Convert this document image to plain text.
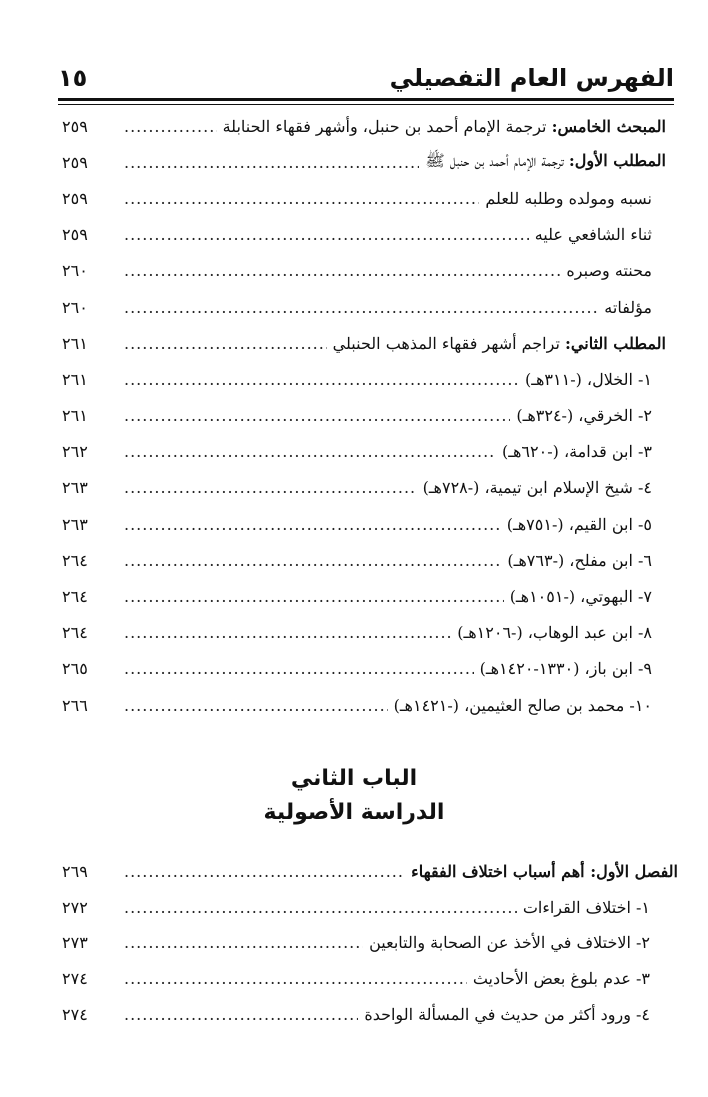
الفهرس العام التفصيلي
١٥
المبحث الخامس: ترجمة الإمام أحمد بن حنبل، وأشهر فقهاء الحنابلة
.....
٢٥٩
المطلب الأول: ترجمة الإمام أحمد بن حنبل ﷺ
.....
٢٥٩
نسبه ومولده وطلبه للعلم
.....
٢٥٩
ثناء الشافعي عليه
.....
٢٥٩
محنته وصبره
.....
٢٦٠
مؤلفاته
.....
٢٦٠
المطلب الثاني: تراجم أشهر فقهاء المذهب الحنبلي
.....
٢٦١
١- الخلال، (-٣١١هـ)
.....
٢٦١
٢- الخرقي، (-٣٢٤هـ)
.....
٢٦١
٣- ابن قدامة، (-٦٢٠هـ)
.....
٢٦٢
٤- شيخ الإسلام ابن تيمية، (-٧٢٨هـ)
.....
٢٦٣
٥- ابن القيم، (-٧٥١هـ)
.....
٢٦٣
٦- ابن مفلح، (-٧٦٣هـ)
.....
٢٦٤
٧- البهوتي، (-١٠٥١هـ)
.....
٢٦٤
٨- ابن عبد الوهاب، (-١٢٠٦هـ)
.....
٢٦٤
٩- ابن باز، (١٣٣٠-١٤٢٠هـ)
.....
٢٦٥
١٠- محمد بن صالح العثيمين، (-١٤٢١هـ)
.....
٢٦٦
الباب الثاني
الدراسة الأصولية
الفصل الأول: أهم أسباب اختلاف الفقهاء
.....
٢٦٩
١- اختلاف القراءات
.....
٢٧٢
٢- الاختلاف في الأخذ عن الصحابة والتابعين
.....
٢٧٣
٣- عدم بلوغ بعض الأحاديث
.....
٢٧٤
٤- ورود أكثر من حديث في المسألة الواحدة
.....
٢٧٤
